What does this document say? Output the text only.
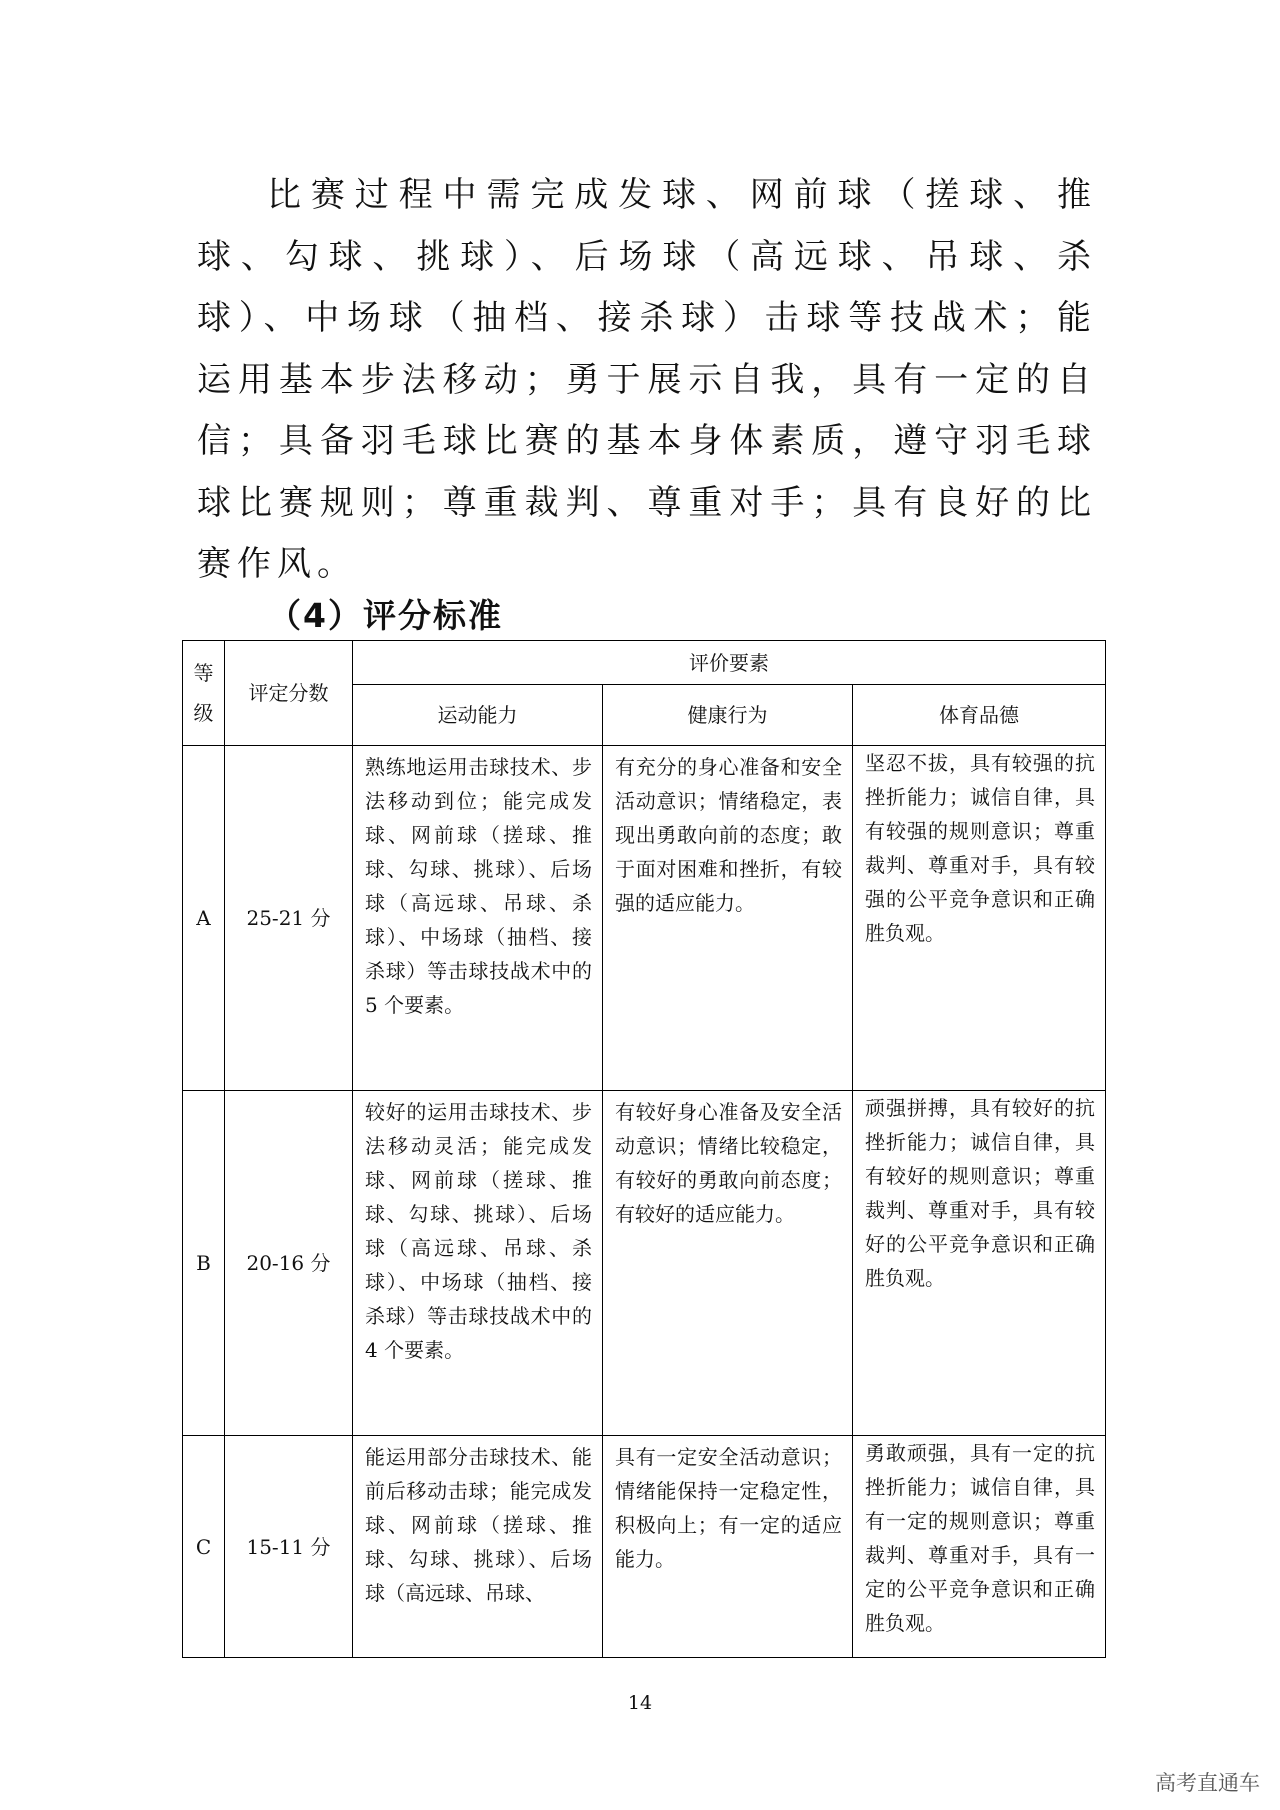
比赛过程中需完成发球、网前球（搓球、推球、勾球、挑球）、后场球（高远球、吊球、杀球）、中场球（抽档、接杀球）击球等技战术；能运用基本步法移动；勇于展示自我，具有一定的自信；具备羽毛球比赛的基本身体素质，遵守羽毛球球比赛规则；尊重裁判、尊重对手；具有良好的比赛作风。

（4）评分标准
等
级	评定分数	评价要素		
		运动能力	健康行为	体育品德
A	25-21 分	熟练地运用击球技术、步法移动到位；能完成发球、网前球（搓球、推球、勾球、挑球）、后场球（高远球、吊球、杀球）、中场球（抽档、接杀球）等击球技战术中的 5 个要素。	有充分的身心准备和安全活动意识；情绪稳定，表现出勇敢向前的态度；敢于面对困难和挫折，有较强的适应能力。	坚忍不拔，具有较强的抗挫折能力；诚信自律，具有较强的规则意识；尊重裁判、尊重对手，具有较强的公平竞争意识和正确胜负观。
B	20-16 分	较好的运用击球技术、步法移动灵活；能完成发球、网前球（搓球、推球、勾球、挑球）、后场球（高远球、吊球、杀球）、中场球（抽档、接杀球）等击球技战术中的 4 个要素。	有较好身心准备及安全活动意识；情绪比较稳定，有较好的勇敢向前态度；有较好的适应能力。	顽强拼搏，具有较好的抗挫折能力；诚信自律，具有较好的规则意识；尊重裁判、尊重对手，具有较好的公平竞争意识和正确胜负观。
C	15-11 分	能运用部分击球技术、能前后移动击球；能完成发球、网前球（搓球、推球、勾球、挑球）、后场球（高远球、吊球、	具有一定安全活动意识；情绪能保持一定稳定性，积极向上；有一定的适应能力。	勇敢顽强，具有一定的抗挫折能力；诚信自律，具有一定的规则意识；尊重裁判、尊重对手，具有一定的公平竞争意识和正确胜负观。
14

高考直通车
